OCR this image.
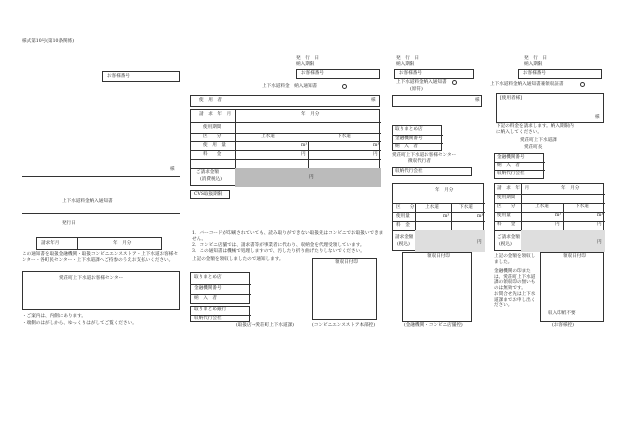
様式第10号(第10条関係)
お客様番号
様
上下水道料金納入通知書
発行日
請求年月	年　月分
この通知書を取扱金融機関・取扱コンビニエンスストア・上下水道お客様センター・各町民センター・上下水道課へご持参のうえお支払いください。
愛荘町上下水道お客様センター
・ご案内は、内側にあります。
・端側のはがしから、ゆっくりはがしてご覧ください。
発　行　日
納入期限
お客様番号
上下水道料金　納入通知書
使　用　者	様
請　求　年　月	年　月分
使用期間
区　　分	上水道	下水道
使　用　量	m³	m³
料　　金	円	円
ご請求金額
(消費税込)	円
CVS取扱期限
1．バーコードが印刷されていても、読み取りができない取扱先はコンビニでお取扱いできません。
2．コンビニ店舗では、請求書等が事業者に代わり、収納金を代理受領しています。
3．この通知書は機械で処理しますので、汚したり折り曲げたりしないでください。
上記の金額を領収しましたので通知します。
取りまとめ店
金融機関番号
納　入　者
取りまとめ銀行
収納代行会社
領収日付印
(取扱店→愛荘町上下水道課)	(コンビニエンスストア本部控)
発　行　日
納入期限
お客様番号
上下水道料金納入通知書
(原符)
様
取りまとめ店
金融機関番号
納　入　者
愛荘町上下水道お客様センター
徴収代行者
収納代行会社
年　月分
区　　分 上水道	下水道
使用量	m³	m³
料　金
請求金額
(税込)	円
領収日付印
(金融機関・コンビニ店舗控)
発　行　日
納入期限
お客様番号
上下水道料金納入通知書兼領収証書
[使用者様]
様
下記の料金を請求します。納入期限内に納入してください。
愛荘町上下水道課
愛荘町長
金融機関番号
納　入　者
収納代行会社
請　求　年　月	年　月分
使用期間
区　　分	上水道	下水道
使用量	m³	m³
料　　金	円	円
ご請求金額
(税込)	円
上記の金額を領収しました。
金融機関の印または、愛荘町上下水道課の領収印の無いものは無効です。
お問合せ先は上下水道課までお申し出ください。
領収日付印
収入印紙不要
(お客様控)
